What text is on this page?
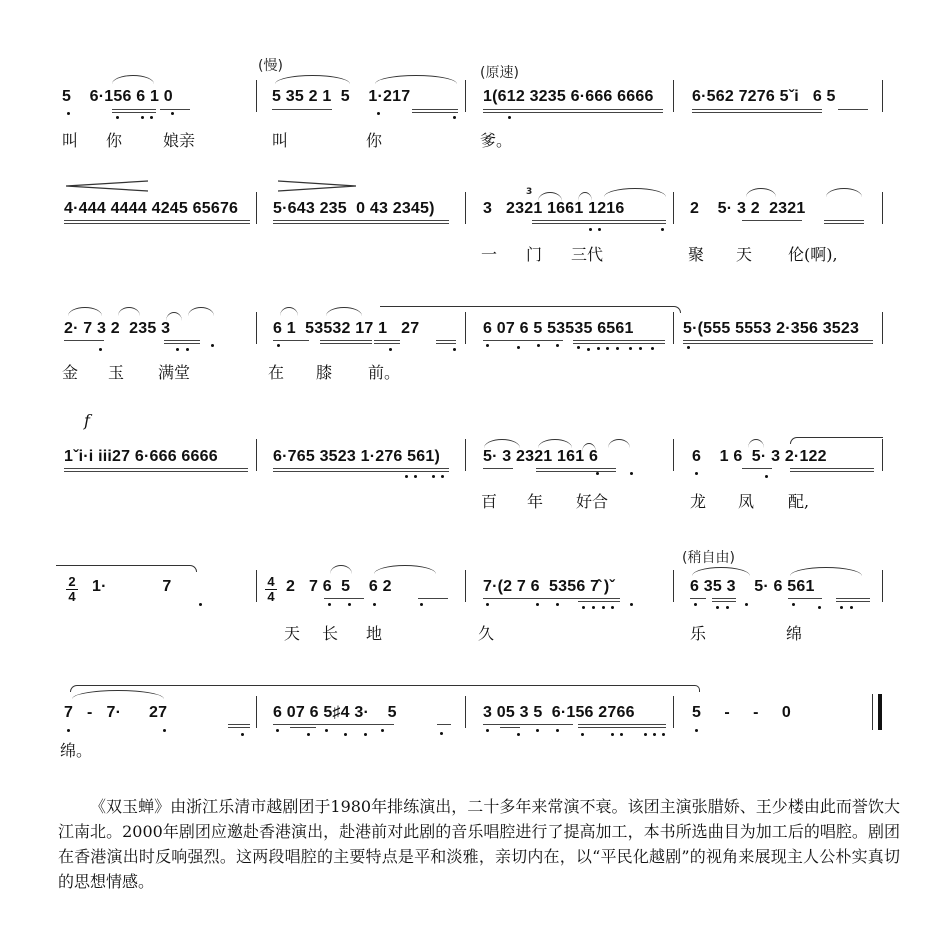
(慢)	(原速)
5    6·156 6 1 0	5 35 2 1  5    1·217	1(612 3235 6·666 6666 6·562 7276 5ˇi   6 5
叫 你	娘亲	叫	你	爹。
3
4·444 4444 4245 65676 5·643 235  0 43 2345)	3   2321 1661 1216	2    5· 3 2  2321
一 门 三代	聚 天 伦(啊),
2· 7 3 2  235 3	6 1  53532 17 1   27	6 07 6 5 53535 6561	5·(555 5553 2·356 3523
金 玉 满堂	在 膝 前。
f
1ˇi·i iii27 6·666 6666	6·765 3523 1·276 561)	5· 3 2321 161 6	6    1 6  5· 3 2·122
百 年 好合	龙 凤 配,
(稍自由)
2
4
1·            7	4
4
2   7 6  5    6 2	7·(2 7 6  5356 7̂ )ˇ	6 35 3    5· 6 561
天 长 地	久	乐	绵
7   -   7·      27	6 07 6 5♯4 3·    5	3 05 3 5  6·156 2766	5     -     -     0
绵。

《双玉蝉》由浙江乐清市越剧团于1980年排练演出，二十多年来常演不衰。该团主演张腊娇、王少楼由此而誉饮大江南北。2000年剧团应邀赴香港演出，赴港前对此剧的音乐唱腔进行了提高加工，本书所选曲目为加工后的唱腔。剧团在香港演出时反响强烈。这两段唱腔的主要特点是平和淡雅，亲切内在，以“平民化越剧”的视角来展现主人公朴实真切的思想情感。
